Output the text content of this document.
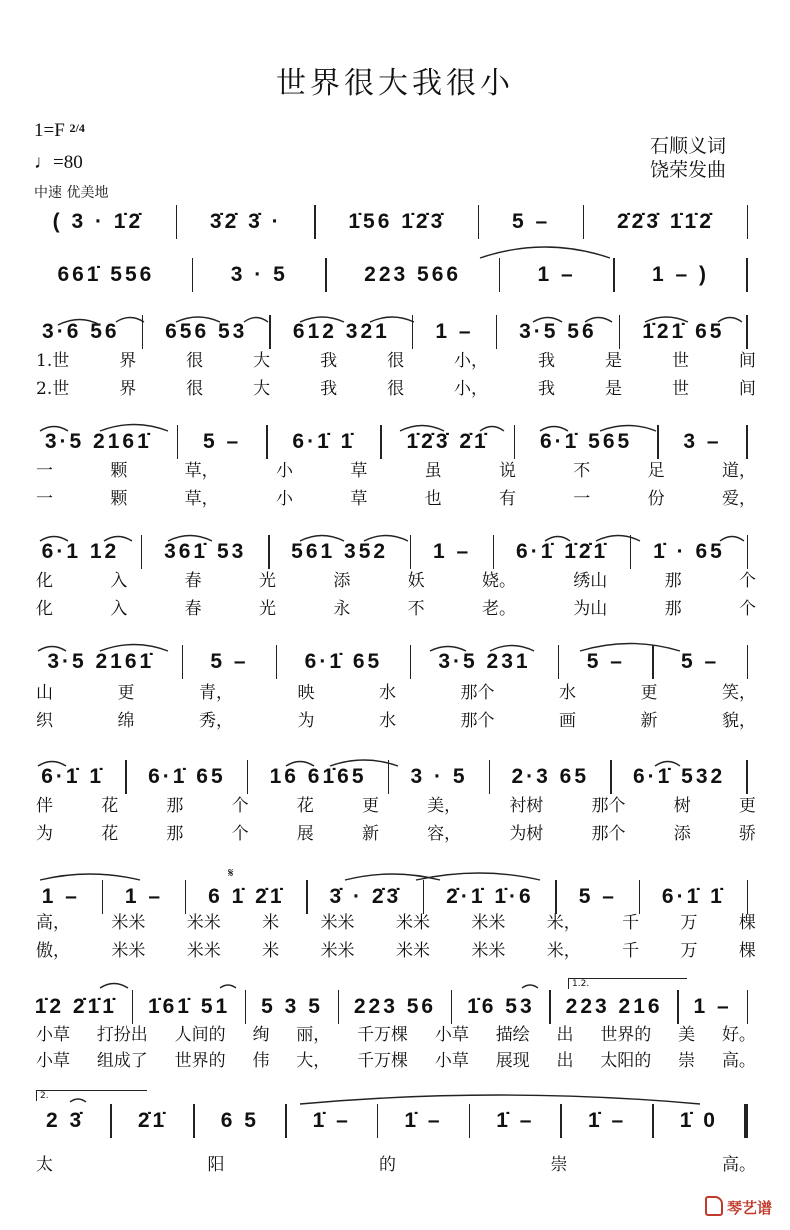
世界很大我很小
1=F $^{2/4}$
♩=80
中速 优美地
石顺义词
饶荣发曲
( 3 · 1̇2̇	3̇2̇ 3̇ ·	1̇56 1̇2̇3̇	5 –	2̇2̇3̇ 1̇1̇2̇
661̇ 556	3 · 5	223 566	1 –	1 – )
3·6 56	656 53	612 321	1 –	3·5 56	1̇21̇ 65
3·5 2161̇	5 –	6·1̇ 1̇	1̇2̇3̇ 2̇1̇	6·1̇ 565	3 –
6·1 12	361̇ 53	561 352	1 –	6·1̇ 1̇2̇1̇	1̇ · 65
3·5 2161̇	5 –	6·1̇ 65	3·5 231	5 –	5 –
6·1̇ 1̇	6·1̇ 65	16 61̇65	3 · 5	2·3 65	6·1̇ 532
1 –	1 –	6 1̇ 2̇1̇	3̇ · 2̇3̇	2̇·1̇ 1̇·6	5 –	6·1̇ 1̇
1̇2 2̇1̇1̇ 1̇61̇ 51 5 3 5 223 56 1̇6 53 223 216 1 –
2 3̇	2̇1̇	6 5	1̇ –	1̇ –	1̇ –	1̇ –	1̇ 0
1.世	界	很	大	我	很	小，	我	是	世	间
2.世	界	很	大	我	很	小，	我	是	世	间
一	颗	草，	小	草	虽	说	不	足	道，
一	颗	草，	小	草	也	有	一	份	爱，
化	入	春	光	添	妖	娆。	绣山	那	个
化	入	春	光	永	不	老。	为山	那	个
山	更	青，	映	水	那个	水	更	笑，
织	绵	秀，	为	水	那个	画	新	貌，
伴	花	那	个	花	更	美，	衬树	那个	树	更
为	花	那	个	展	新	容，	为树	那个	添	骄
高， 米米 米米 米 米米 米米 米米 米， 千 万 棵
傲， 米米 米米 米 米米 米米 米米 米， 千 万 棵
小草 打扮出 人间的 绚 丽， 千万棵 小草 描绘 出 世界的 美 好。
小草 组成了 世界的 伟 大， 千万棵 小草 展现 出 太阳的 崇 高。
太	阳	的	崇	高。
1.2.
2.
𝄋
琴艺谱
